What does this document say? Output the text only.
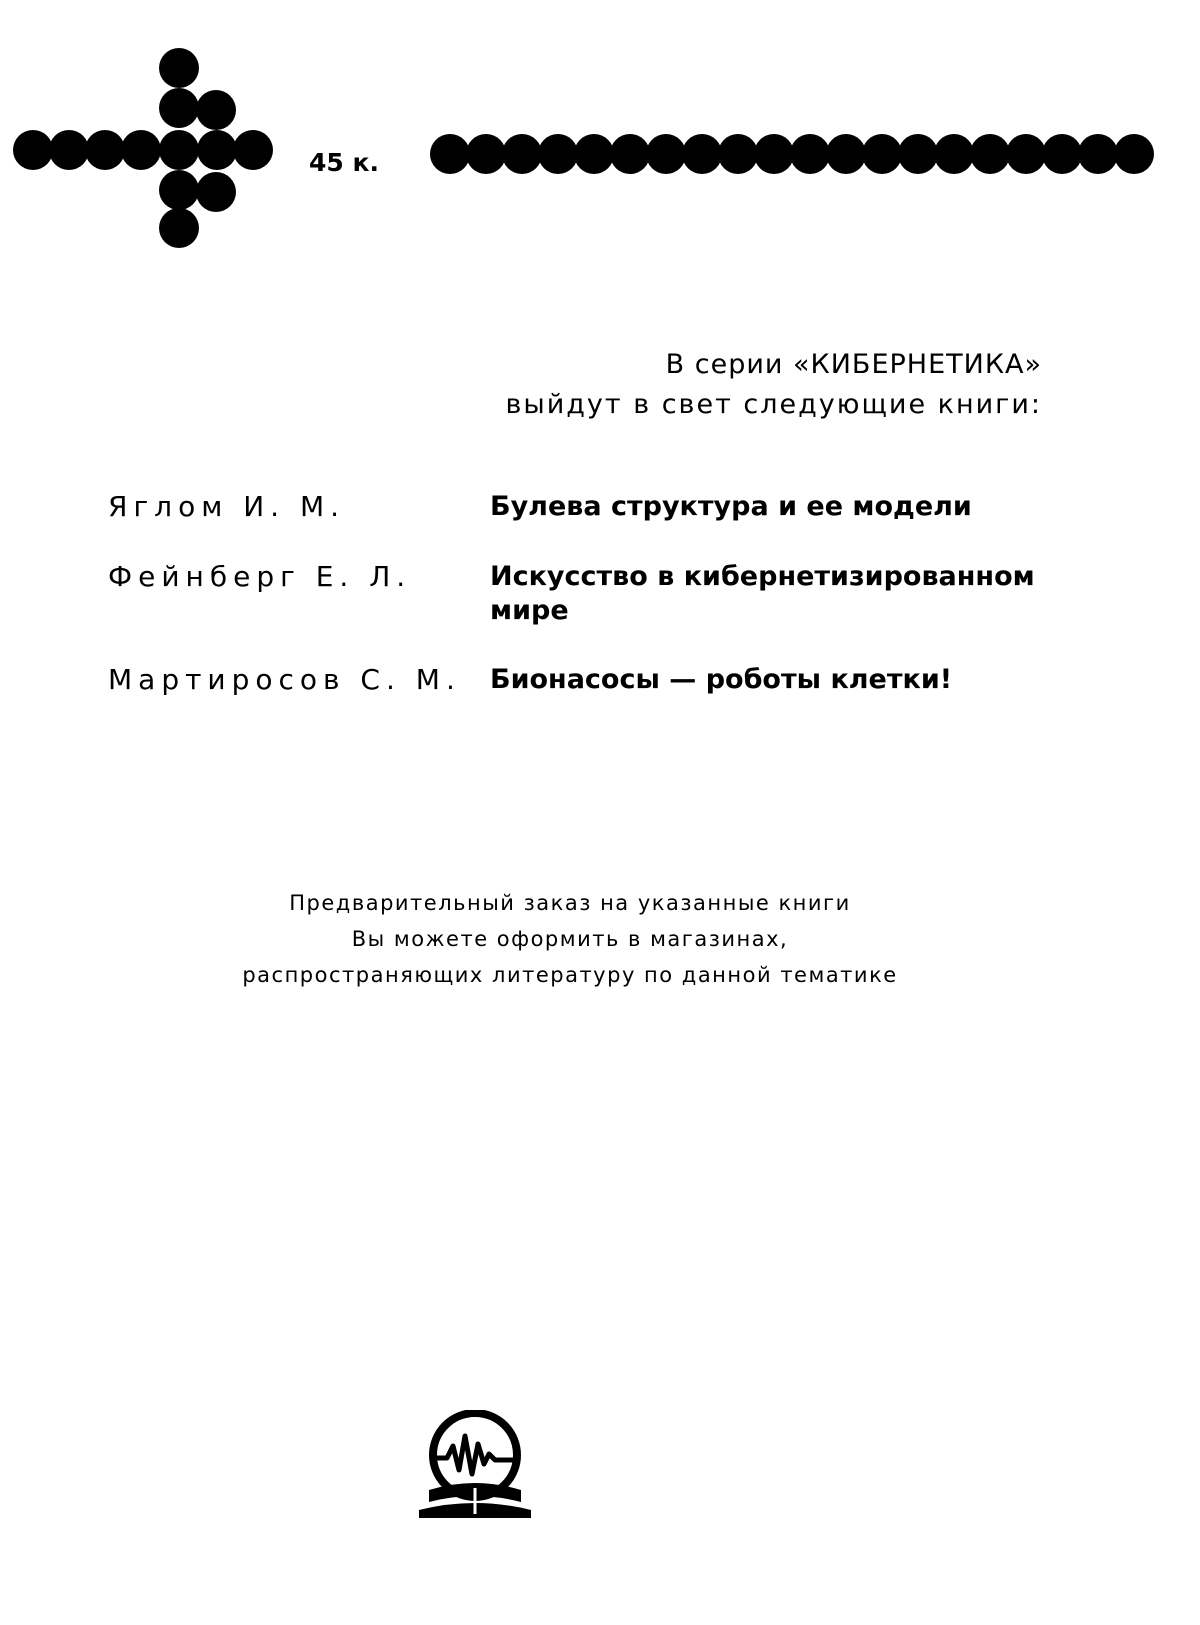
45 к.
В серии «КИБЕРНЕТИКА»
выйдут в свет следующие книги:
Яглом И. М.	Булева структура и ее модели
Фейнберг Е. Л.	Искусство в кибернетизированном мире
Мартиросов С. М. Бионасосы — роботы клетки!
Предварительный заказ на указанные книги
Вы можете оформить в магазинах,
распространяющих литературу по данной тематике
